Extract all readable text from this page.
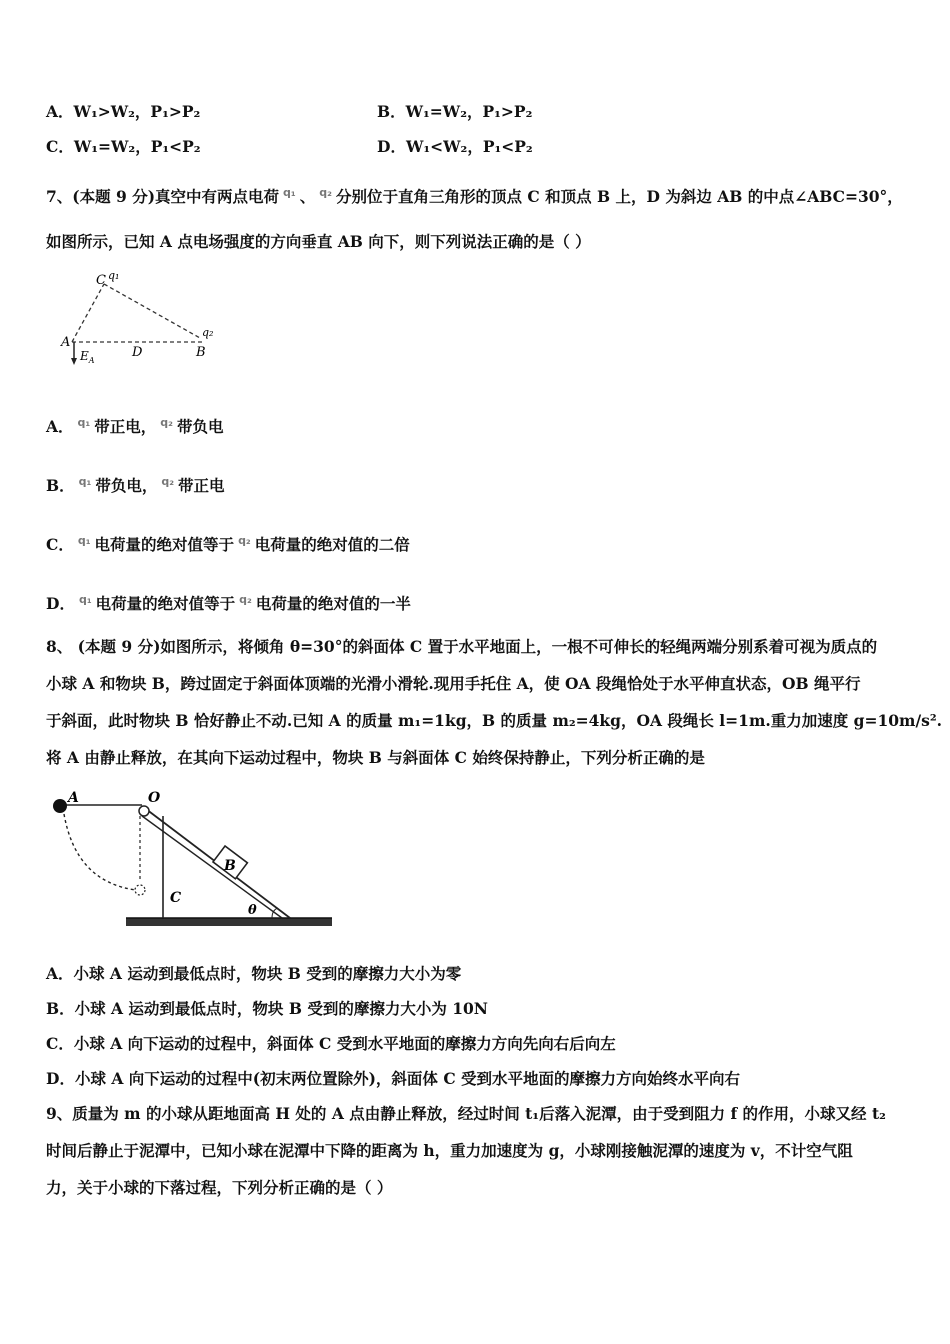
A．W₁>W₂，P₁>P₂	B．W₁=W₂，P₁>P₂
C．W₁=W₂，P₁<P₂	D．W₁<W₂，P₁<P₂
7、(本题 9 分)真空中有两点电荷 q₁ 、 q₂ 分别位于直角三角形的顶点 C 和顶点 B 上，D 为斜边 AB 的中点∠ABC=30°，
如图所示，已知 A 点电场强度的方向垂直 AB 向下，则下列说法正确的是（ ）
C q₁
q₂
A
D	B
$E_A$
A． q₁ 带正电， q₂ 带负电
B． q₁ 带负电， q₂ 带正电
C． q₁ 电荷量的绝对值等于 q₂ 电荷量的绝对值的二倍
D． q₁ 电荷量的绝对值等于 q₂ 电荷量的绝对值的一半
8、 (本题 9 分)如图所示，将倾角 θ=30°的斜面体 C 置于水平地面上，一根不可伸长的轻绳两端分别系着可视为质点的
小球 A 和物块 B，跨过固定于斜面体顶端的光滑小滑轮.现用手托住 A，使 OA 段绳恰处于水平伸直状态，OB 绳平行
于斜面，此时物块 B 恰好静止不动.已知 A 的质量 m₁=1kg，B 的质量 m₂=4kg，OA 段绳长 l=1m.重力加速度 g=10m/s².
将 A 由静止释放，在其向下运动过程中，物块 B 与斜面体 C 始终保持静止，下列分析正确的是
A	O
B
C
θ
A．小球 A 运动到最低点时，物块 B 受到的摩擦力大小为零
B．小球 A 运动到最低点时，物块 B 受到的摩擦力大小为 10N
C．小球 A 向下运动的过程中，斜面体 C 受到水平地面的摩擦力方向先向右后向左
D．小球 A 向下运动的过程中(初末两位置除外)，斜面体 C 受到水平地面的摩擦力方向始终水平向右
9、质量为 m 的小球从距地面高 H 处的 A 点由静止释放，经过时间 t₁后落入泥潭，由于受到阻力 f 的作用，小球又经 t₂
时间后静止于泥潭中，已知小球在泥潭中下降的距离为 h，重力加速度为 g，小球刚接触泥潭的速度为 v，不计空气阻
力，关于小球的下落过程，下列分析正确的是（ ）
